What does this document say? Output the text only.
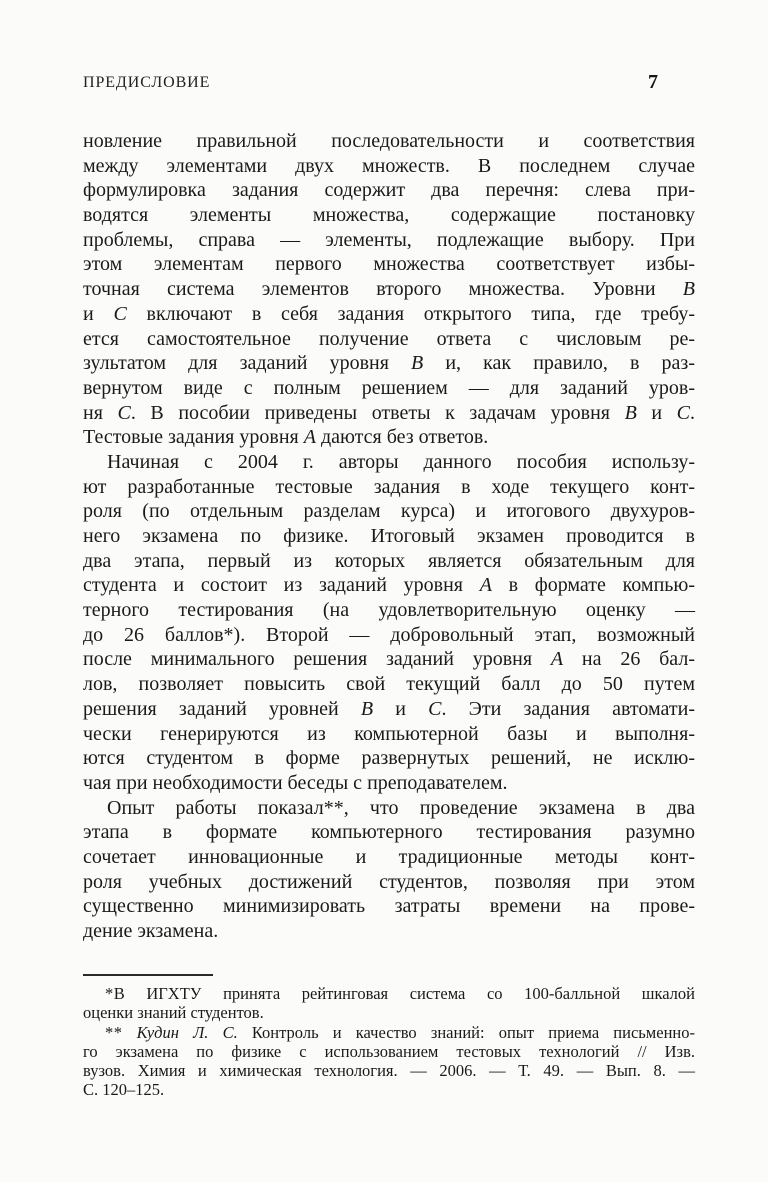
ПРЕДИСЛОВИЕ	7
новление правильной последовательности и соответствия
между элементами двух множеств. В последнем случае
формулировка задания содержит два перечня: слева при-
водятся элементы множества, содержащие постановку
проблемы, справа — элементы, подлежащие выбору. При
этом элементам первого множества соответствует избы-
точная система элементов второго множества. Уровни B
и C включают в себя задания открытого типа, где требу-
ется самостоятельное получение ответа с числовым ре-
зультатом для заданий уровня B и, как правило, в раз-
вернутом виде с полным решением — для заданий уров-
ня C. В пособии приведены ответы к задачам уровня B и C.
Тестовые задания уровня A даются без ответов.
Начиная с 2004 г. авторы данного пособия использу-
ют разработанные тестовые задания в ходе текущего конт-
роля (по отдельным разделам курса) и итогового двухуров-
него экзамена по физике. Итоговый экзамен проводится в
два этапа, первый из которых является обязательным для
студента и состоит из заданий уровня A в формате компью-
терного тестирования (на удовлетворительную оценку —
до 26 баллов*). Второй — добровольный этап, возможный
после минимального решения заданий уровня A на 26 бал-
лов, позволяет повысить свой текущий балл до 50 путем
решения заданий уровней B и C. Эти задания автомати-
чески генерируются из компьютерной базы и выполня-
ются студентом в форме развернутых решений, не исклю-
чая при необходимости беседы с преподавателем.
Опыт работы показал**, что проведение экзамена в два
этапа в формате компьютерного тестирования разумно
сочетает инновационные и традиционные методы конт-
роля учебных достижений студентов, позволяя при этом
существенно минимизировать затраты времени на прове-
дение экзамена.
*В ИГХТУ принята рейтинговая система со 100-балльной шкалой
оценки знаний студентов.
** Кудин Л. С. Контроль и качество знаний: опыт приема письменно-
го экзамена по физике с использованием тестовых технологий // Изв.
вузов. Химия и химическая технология. — 2006. — Т. 49. — Вып. 8. —
С. 120–125.
